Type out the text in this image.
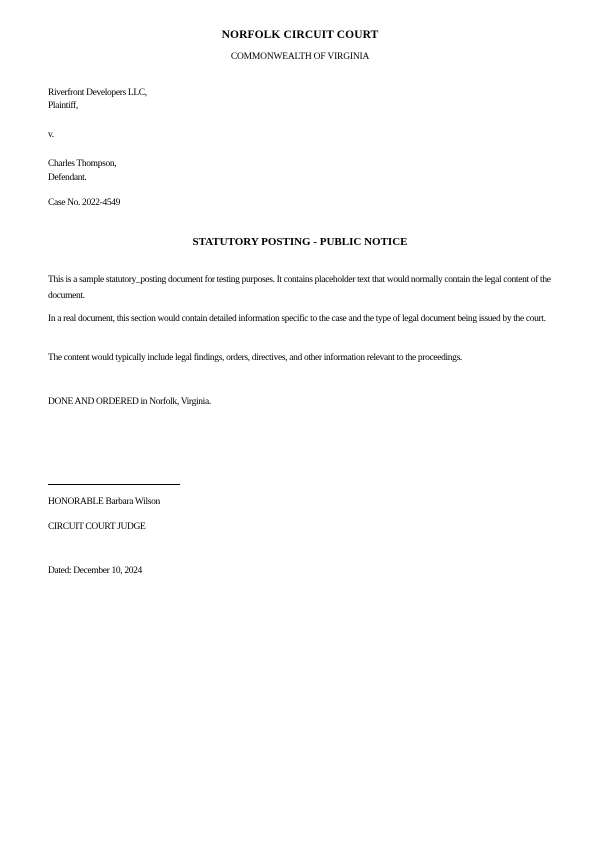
NORFOLK CIRCUIT COURT
COMMONWEALTH OF VIRGINIA
Riverfront Developers LLC,
Plaintiff,
v.
Charles Thompson,
Defendant.
Case No. 2022-4549
STATUTORY POSTING - PUBLIC NOTICE
This is a sample statutory_posting document for testing purposes. It contains placeholder text that would normally contain the legal content of the document.
In a real document, this section would contain detailed information specific to the case and the type of legal document being issued by the court.
The content would typically include legal findings, orders, directives, and other information relevant to the proceedings.
DONE AND ORDERED in Norfolk, Virginia.
HONORABLE Barbara Wilson
CIRCUIT COURT JUDGE
Dated: December 10, 2024
